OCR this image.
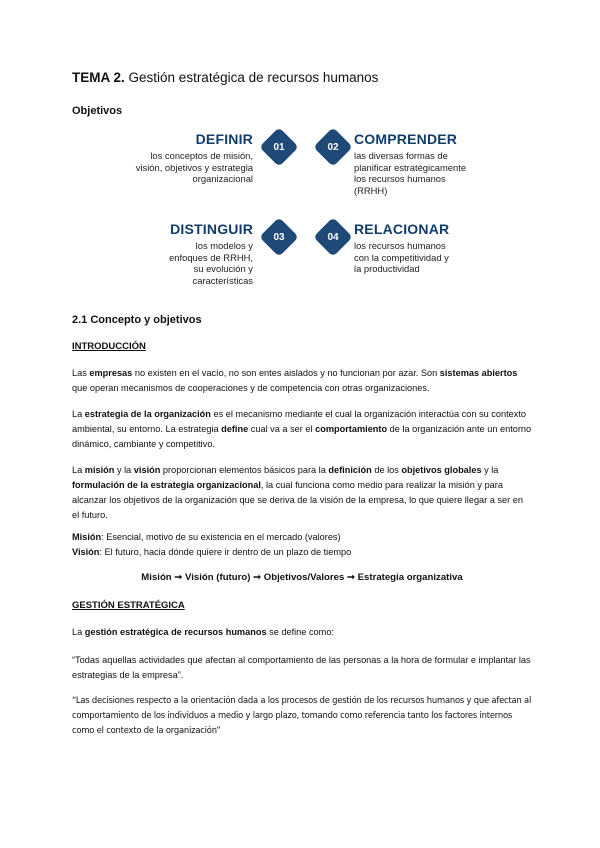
TEMA 2. Gestión estratégica de recursos humanos
Objetivos
DEFINIR
los conceptos de misión,
visión, objetivos y estrategia
organizacional
01	02	COMPRENDER
las diversas formas de
planificar estratégicamente
los recursos humanos
(RRHH)
DISTINGUIR
los modelos y
enfoques de RRHH,
su evolución y
características
03	04	RELACIONAR
los recursos humanos
con la competitividad y
la productividad
2.1 Concepto y objetivos
INTRODUCCIÓN
Las empresas no existen en el vacío, no son entes aislados y no funcionan por azar. Son sistemas abiertos que operan mecanismos de cooperaciones y de competencia con otras organizaciones.
La estrategia de la organización es el mecanismo mediante el cual la organización interactúa con su contexto ambiental, su entorno. La estrategia define cual va a ser el comportamiento de la organización ante un entorno dinámico, cambiante y competitivo.
La misión y la visión proporcionan elementos básicos para la definición de los objetivos globales y la formulación de la estrategia organizacional, la cual funciona como medio para realizar la misión y para alcanzar los objetivos de la organización que se deriva de la visión de la empresa, lo que quiere llegar a ser en el futuro.
Misión: Esencial, motivo de su existencia en el mercado (valores)
Visión: El futuro, hacia dónde quiere ir dentro de un plazo de tiempo
Misión ➞ Visión (futuro) ➞ Objetivos/Valores ➞ Estrategia organizativa
GESTIÓN ESTRATÉGICA
La gestión estratégica de recursos humanos se define como:
“Todas aquellas actividades que afectan al comportamiento de las personas a la hora de formular e implantar las estrategias de la empresa”.
“Las decisiones respecto a la orientación dada a los procesos de gestión de los recursos humanos y que afectan al comportamiento de los individuos a medio y largo plazo, tomando como referencia tanto los factores internos como el contexto de la organización”
